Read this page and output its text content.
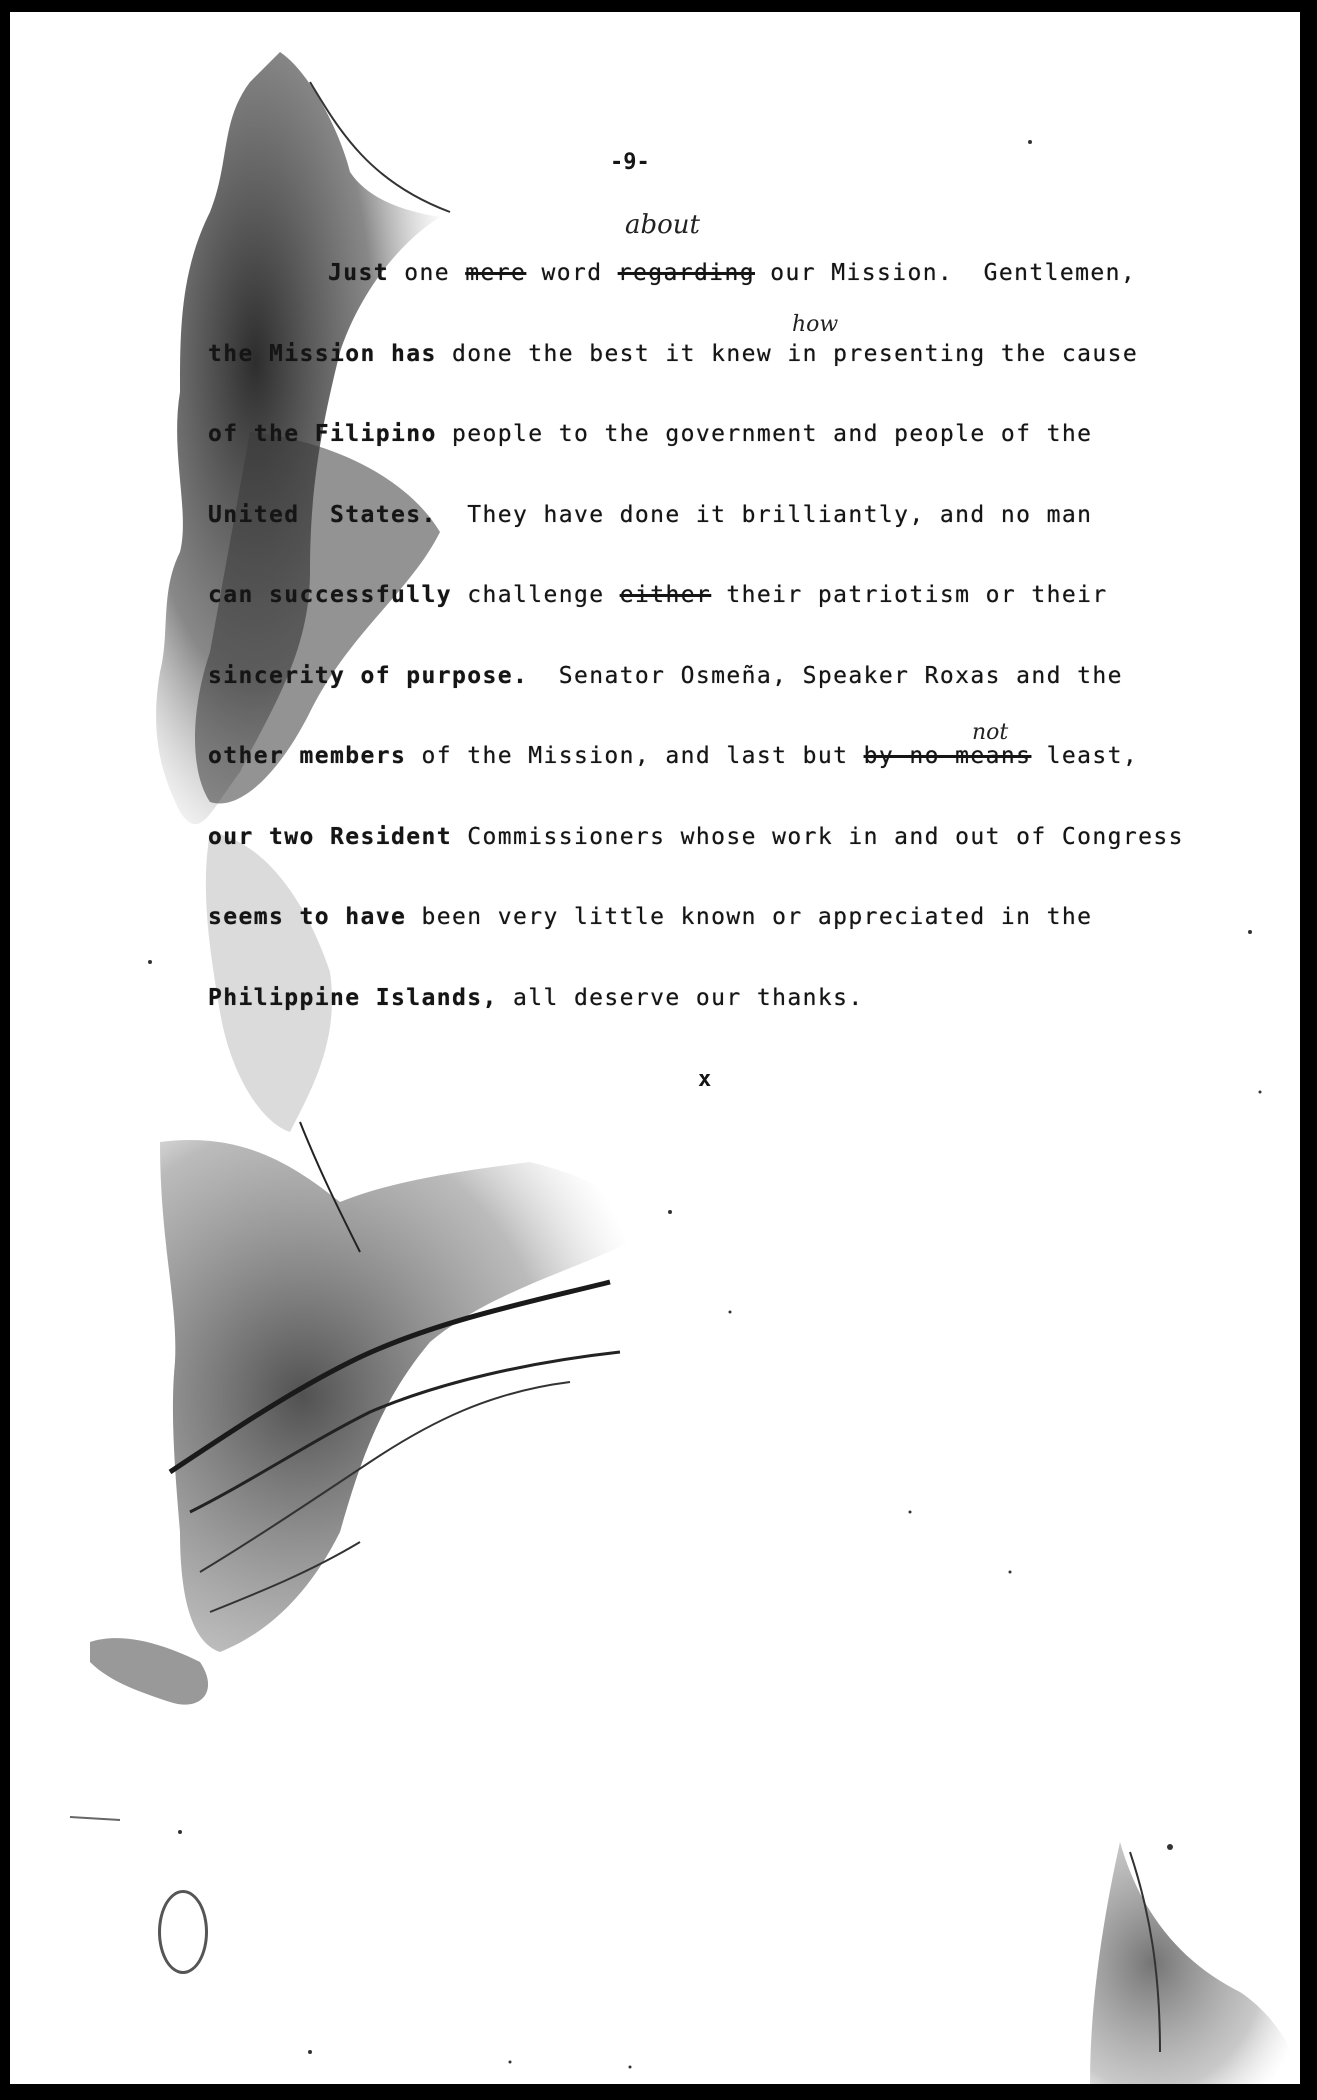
-9-
about
how
not
Just one mere word regarding our Mission.  Gentlemen,
the Mission has done the best it knew in presenting the cause
of the Filipino people to the government and people of the
United  States.  They have done it brilliantly, and no man
can successfully challenge either their patriotism or their
sincerity of purpose.  Senator Osmeña, Speaker Roxas and the
other members of the Mission, and last but by no means least,
our two Resident Commissioners whose work in and out of Congress
seems to have been very little known or appreciated in the
Philippine Islands, all deserve our thanks.
x
